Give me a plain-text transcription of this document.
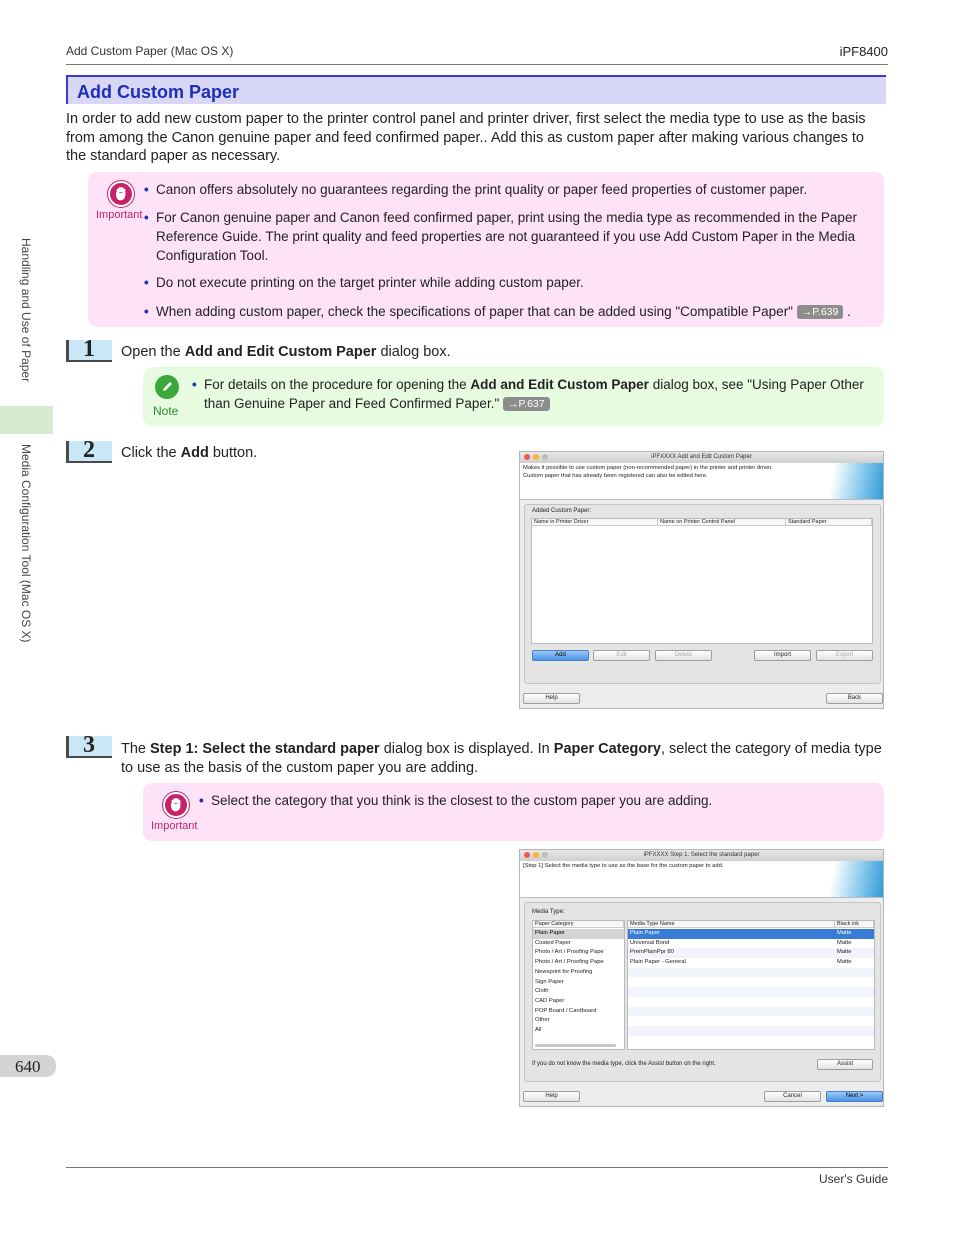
Add Custom Paper (Mac OS X)	iPF8400
Add Custom Paper
In order to add new custom paper to the printer control panel and printer driver, first select the media type to use as the basis from among the Canon genuine paper and feed confirmed paper.. Add this as custom paper after making various changes to the standard paper as necessary.
Important
• Canon offers absolutely no guarantees regarding the print quality or paper feed properties of customer paper.
• For Canon genuine paper and Canon feed confirmed paper, print using the media type as recommended in the Paper Reference Guide. The print quality and feed properties are not guaranteed if you use Add Custom Paper in the Media Configuration Tool.
• Do not execute printing on the target printer while adding custom paper.
• When adding custom paper, check the specifications of paper that can be added using "Compatible Paper" →P.639 .
1 Open the Add and Edit Custom Paper dialog box.
Note
• For details on the procedure for opening the Add and Edit Custom Paper dialog box, see "Using Paper Other than Genuine Paper and Feed Confirmed Paper." →P.637
2 Click the Add button.	iPFXXXX Add and Edit Custom Paper
Makes it possible to use custom paper (non-recommended paper) in the printer and printer driver.
Custom paper that has already been registered can also be edited here.
Added Custom Paper:
Name in Printer Driver	Name on Printer Control Panel	Standard Paper
Add	Edit	Delete	Import	Export
Help	Back
3 The Step 1: Select the standard paper dialog box is displayed. In Paper Category, select the category of media type to use as the basis of the custom paper you are adding.
Important
• Select the category that you think is the closest to the custom paper you are adding.
iPFXXXX Step 1: Select the standard paper
[Step 1] Select the media type to use as the base for the custom paper to add.
Media Type:
Paper Category
Plain Paper
Coated Paper
Photo / Art / Proofing Pape
Photo / Art / Proofing Pape
Newsprint for Proofing
Sign Paper
Cloth
CAD Paper
POP Board / Cardboard
Other
All
Media Type Name	Black ink
Plain Paper	Matte
Universal Bond	Matte
PremPlainPpr 80	Matte
Plain Paper - General	Matte
If you do not know the media type, click the Assist button on the right.	Assist
Help	Cancel	Next >
Handling and Use of Paper
Media Configuration Tool (Mac OS X)
640
User's Guide
